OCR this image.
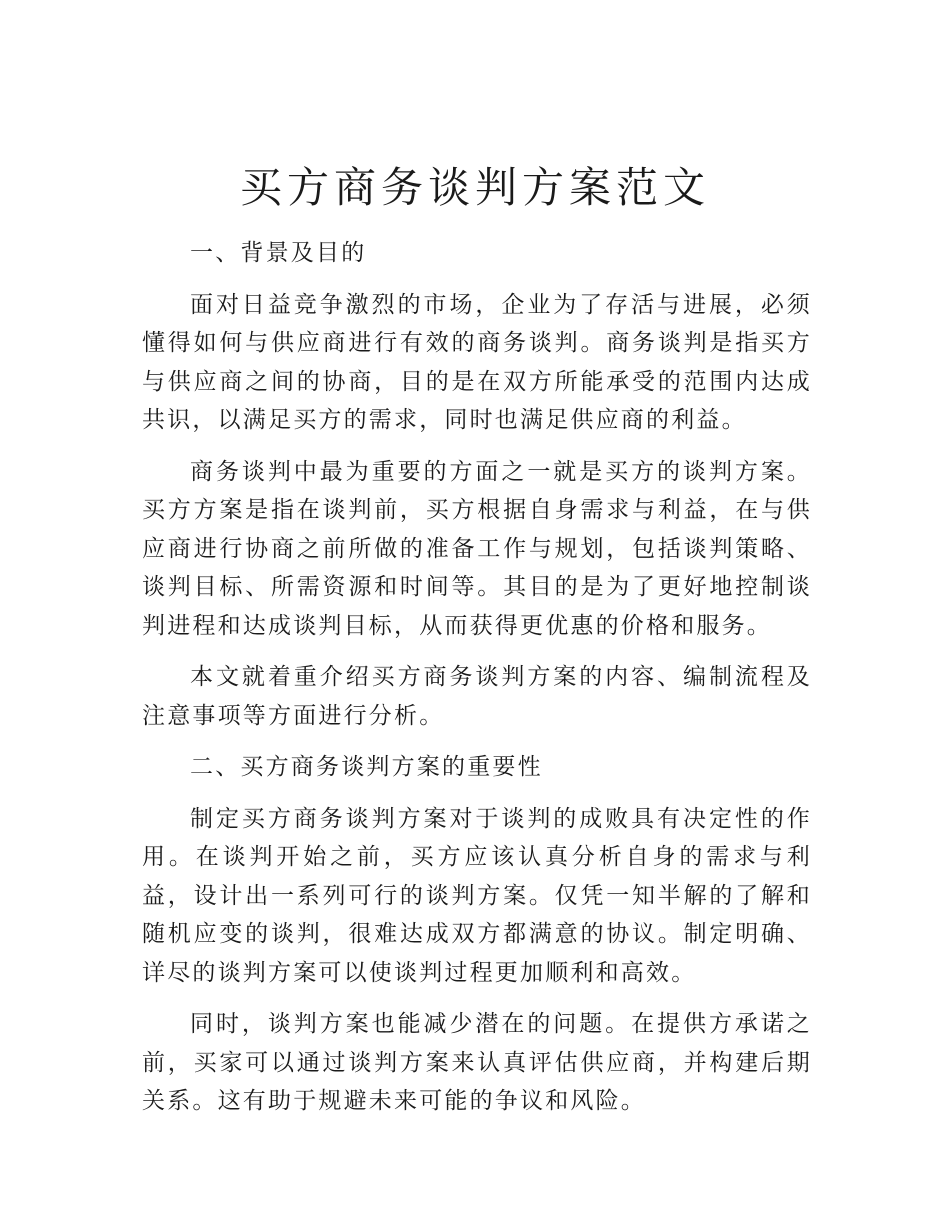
买方商务谈判方案范文

一、背景及目的

面对日益竞争激烈的市场，企业为了存活与进展，必须懂得如何与供应商进行有效的商务谈判。商务谈判是指买方与供应商之间的协商，目的是在双方所能承受的范围内达成共识，以满足买方的需求，同时也满足供应商的利益。

商务谈判中最为重要的方面之一就是买方的谈判方案。买方方案是指在谈判前，买方根据自身需求与利益，在与供应商进行协商之前所做的准备工作与规划，包括谈判策略、谈判目标、所需资源和时间等。其目的是为了更好地控制谈判进程和达成谈判目标，从而获得更优惠的价格和服务。

本文就着重介绍买方商务谈判方案的内容、编制流程及注意事项等方面进行分析。

二、买方商务谈判方案的重要性

制定买方商务谈判方案对于谈判的成败具有决定性的作用。在谈判开始之前，买方应该认真分析自身的需求与利益，设计出一系列可行的谈判方案。仅凭一知半解的了解和随机应变的谈判，很难达成双方都满意的协议。制定明确、详尽的谈判方案可以使谈判过程更加顺利和高效。

同时，谈判方案也能减少潜在的问题。在提供方承诺之前，买家可以通过谈判方案来认真评估供应商，并构建后期关系。这有助于规避未来可能的争议和风险。
